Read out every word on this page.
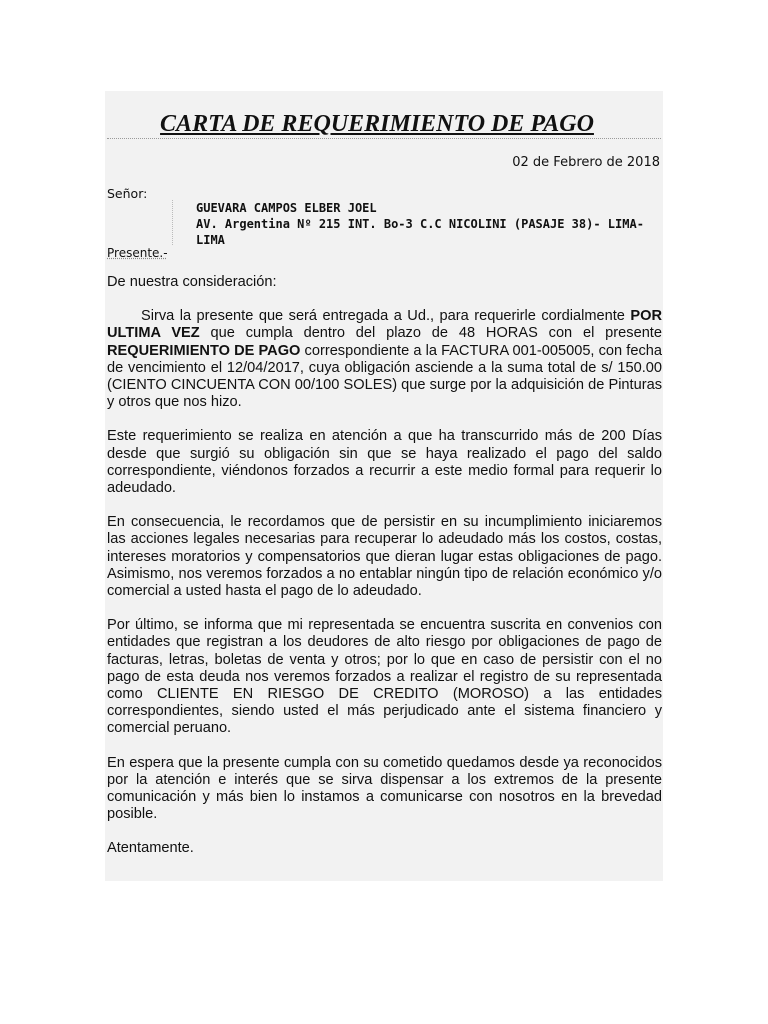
CARTA DE REQUERIMIENTO DE PAGO
02 de Febrero de 2018
Señor:
GUEVARA CAMPOS ELBER JOEL
AV. Argentina Nº 215 INT. Bo-3 C.C NICOLINI (PASAJE 38)- LIMA-LIMA
Presente.-

De nuestra consideración:

Sirva la presente que será entregada a Ud., para requerirle cordialmente POR ULTIMA VEZ que cumpla dentro del plazo de 48 HORAS con el presente REQUERIMIENTO DE PAGO correspondiente a la FACTURA 001-005005, con fecha de vencimiento el 12/04/2017, cuya obligación asciende a la suma total de s/ 150.00 (CIENTO CINCUENTA CON 00/100 SOLES) que surge por la adquisición de Pinturas y otros que nos hizo.

Este requerimiento se realiza en atención a que ha transcurrido más de 200 Días desde que surgió su obligación sin que se haya realizado el pago del saldo correspondiente, viéndonos forzados a recurrir a este medio formal para requerir lo adeudado.

En consecuencia, le recordamos que de persistir en su incumplimiento iniciaremos las acciones legales necesarias para recuperar lo adeudado más los costos, costas, intereses moratorios y compensatorios que dieran lugar estas obligaciones de pago. Asimismo, nos veremos forzados a no entablar ningún tipo de relación económico y/o comercial a usted hasta el pago de lo adeudado.

Por último, se informa que mi representada se encuentra suscrita en convenios con entidades que registran a los deudores de alto riesgo por obligaciones de pago de facturas, letras, boletas de venta y otros; por lo que en caso de persistir con el no pago de esta deuda nos veremos forzados a realizar el registro de su representada como CLIENTE EN RIESGO DE CREDITO (MOROSO) a las entidades correspondientes, siendo usted el más perjudicado ante el sistema financiero y comercial peruano.

En espera que la presente cumpla con su cometido quedamos desde ya reconocidos por la atención e interés que se sirva dispensar a los extremos de la presente comunicación y más bien lo instamos a comunicarse con nosotros en la brevedad posible.

Atentamente.
